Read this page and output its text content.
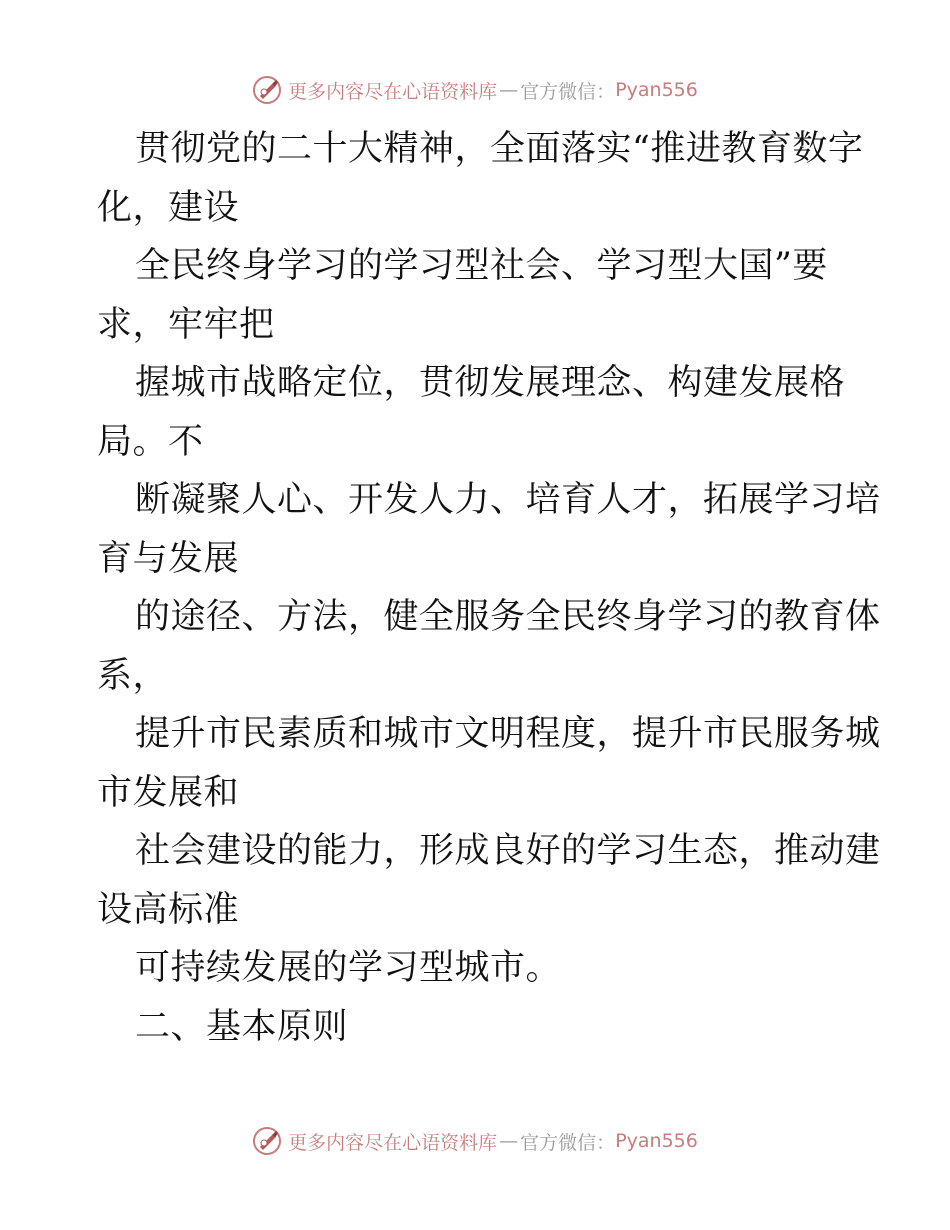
更多内容尽在心语资料库 — 官方微信： Pyan556
贯彻党的二十大精神，全面落实“推进教育数字
化，建设
全民终身学习的学习型社会、学习型大国”要
求，牢牢把
握城市战略定位，贯彻发展理念、构建发展格
局。不
断凝聚人心、开发人力、培育人才，拓展学习培
育与发展
的途径、方法，健全服务全民终身学习的教育体
系，
提升市民素质和城市文明程度，提升市民服务城
市发展和
社会建设的能力，形成良好的学习生态，推动建
设高标准
可持续发展的学习型城市。
二、基本原则
更多内容尽在心语资料库 — 官方微信： Pyan556
